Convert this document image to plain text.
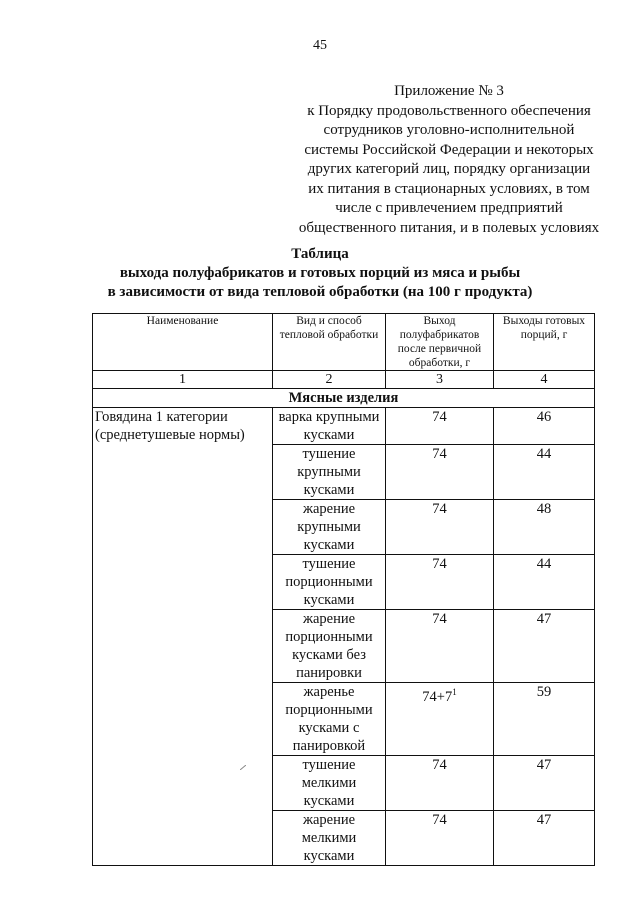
45
Приложение № 3
к Порядку продовольственного обеспечения
сотрудников уголовно-исполнительной
системы Российской Федерации и некоторых
других категорий лиц, порядку организации
их питания в стационарных условиях, в том
числе с привлечением предприятий
общественного питания, и в полевых условиях
Таблица
выхода полуфабрикатов и готовых порций из мяса и рыбы
в зависимости от вида тепловой обработки (на 100 г продукта)
Наименование	Вид и способ тепловой обработки	Выход полуфабрикатов после первичной обработки, г	Выходы готовых порций, г
1	2	3	4
Мясные изделия			
Говядина 1 категории (среднетушевые нормы)	варка крупными кусками	74	46
	тушение крупными кусками	74	44
	жарение крупными кусками	74	48
	тушение порционными кусками	74	44
	жарение порционными кусками без панировки	74	47
	жаренье порционными кусками с панировкой	$74+7^1$	59
	тушение мелкими кусками	74	47
	жарение мелкими кусками	74	47
